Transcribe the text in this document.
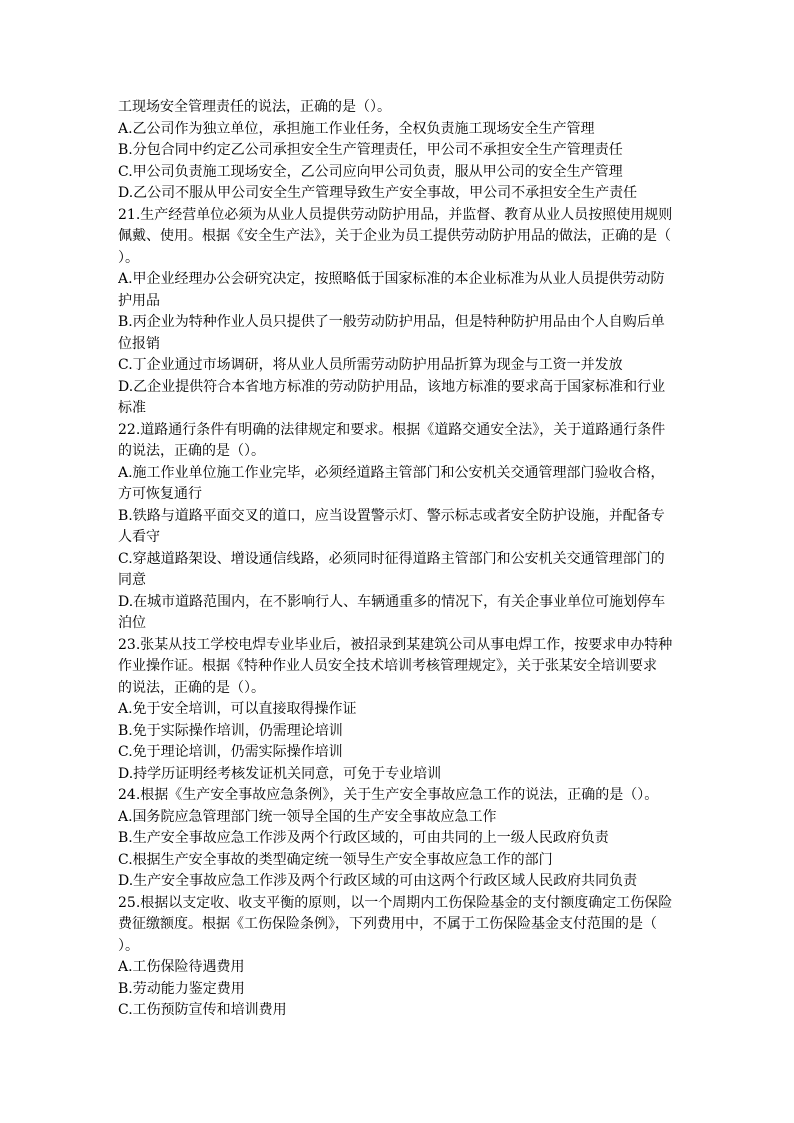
工现场安全管理责任的说法，正确的是（）。
A.乙公司作为独立单位，承担施工作业任务，全权负责施工现场安全生产管理
B.分包合同中约定乙公司承担安全生产管理责任，甲公司不承担安全生产管理责任
C.甲公司负责施工现场安全，乙公司应向甲公司负责，服从甲公司的安全生产管理
D.乙公司不服从甲公司安全生产管理导致生产安全事故，甲公司不承担安全生产责任
21.生产经营单位必须为从业人员提供劳动防护用品，并监督、教育从业人员按照使用规则
佩戴、使用。根据《安全生产法》，关于企业为员工提供劳动防护用品的做法，正确的是（
）。
A.甲企业经理办公会研究决定，按照略低于国家标准的本企业标准为从业人员提供劳动防
护用品
B.丙企业为特种作业人员只提供了一般劳动防护用品，但是特种防护用品由个人自购后单
位报销
C.丁企业通过市场调研，将从业人员所需劳动防护用品折算为现金与工资一并发放
D.乙企业提供符合本省地方标准的劳动防护用品，该地方标准的要求高于国家标准和行业
标准
22.道路通行条件有明确的法律规定和要求。根据《道路交通安全法》，关于道路通行条件
的说法，正确的是（）。
A.施工作业单位施工作业完毕，必须经道路主管部门和公安机关交通管理部门验收合格，
方可恢复通行
B.铁路与道路平面交叉的道口，应当设置警示灯、警示标志或者安全防护设施，并配备专
人看守
C.穿越道路架设、增设通信线路，必须同时征得道路主管部门和公安机关交通管理部门的
同意
D.在城市道路范围内，在不影响行人、车辆通重多的情况下，有关企事业单位可施划停车
泊位
23.张某从技工学校电焊专业毕业后，被招录到某建筑公司从事电焊工作，按要求申办特种
作业操作证。根据《特种作业人员安全技术培训考核管理规定》，关于张某安全培训要求
的说法，正确的是（）。
A.免于安全培训，可以直接取得操作证
B.免于实际操作培训，仍需理论培训
C.免于理论培训，仍需实际操作培训
D.持学历证明经考核发证机关同意，可免于专业培训
24.根据《生产安全事故应急条例》，关于生产安全事故应急工作的说法，正确的是（）。
A.国务院应急管理部门统一领导全国的生产安全事故应急工作
B.生产安全事故应急工作涉及两个行政区域的，可由共同的上一级人民政府负责
C.根据生产安全事故的类型确定统一领导生产安全事故应急工作的部门
D.生产安全事故应急工作涉及两个行政区域的可由这两个行政区域人民政府共同负责
25.根据以支定收、收支平衡的原则，以一个周期内工伤保险基金的支付额度确定工伤保险
费征缴额度。根据《工伤保险条例》，下列费用中，不属于工伤保险基金支付范围的是（
）。
A.工伤保险待遇费用
B.劳动能力鉴定费用
C.工伤预防宣传和培训费用
